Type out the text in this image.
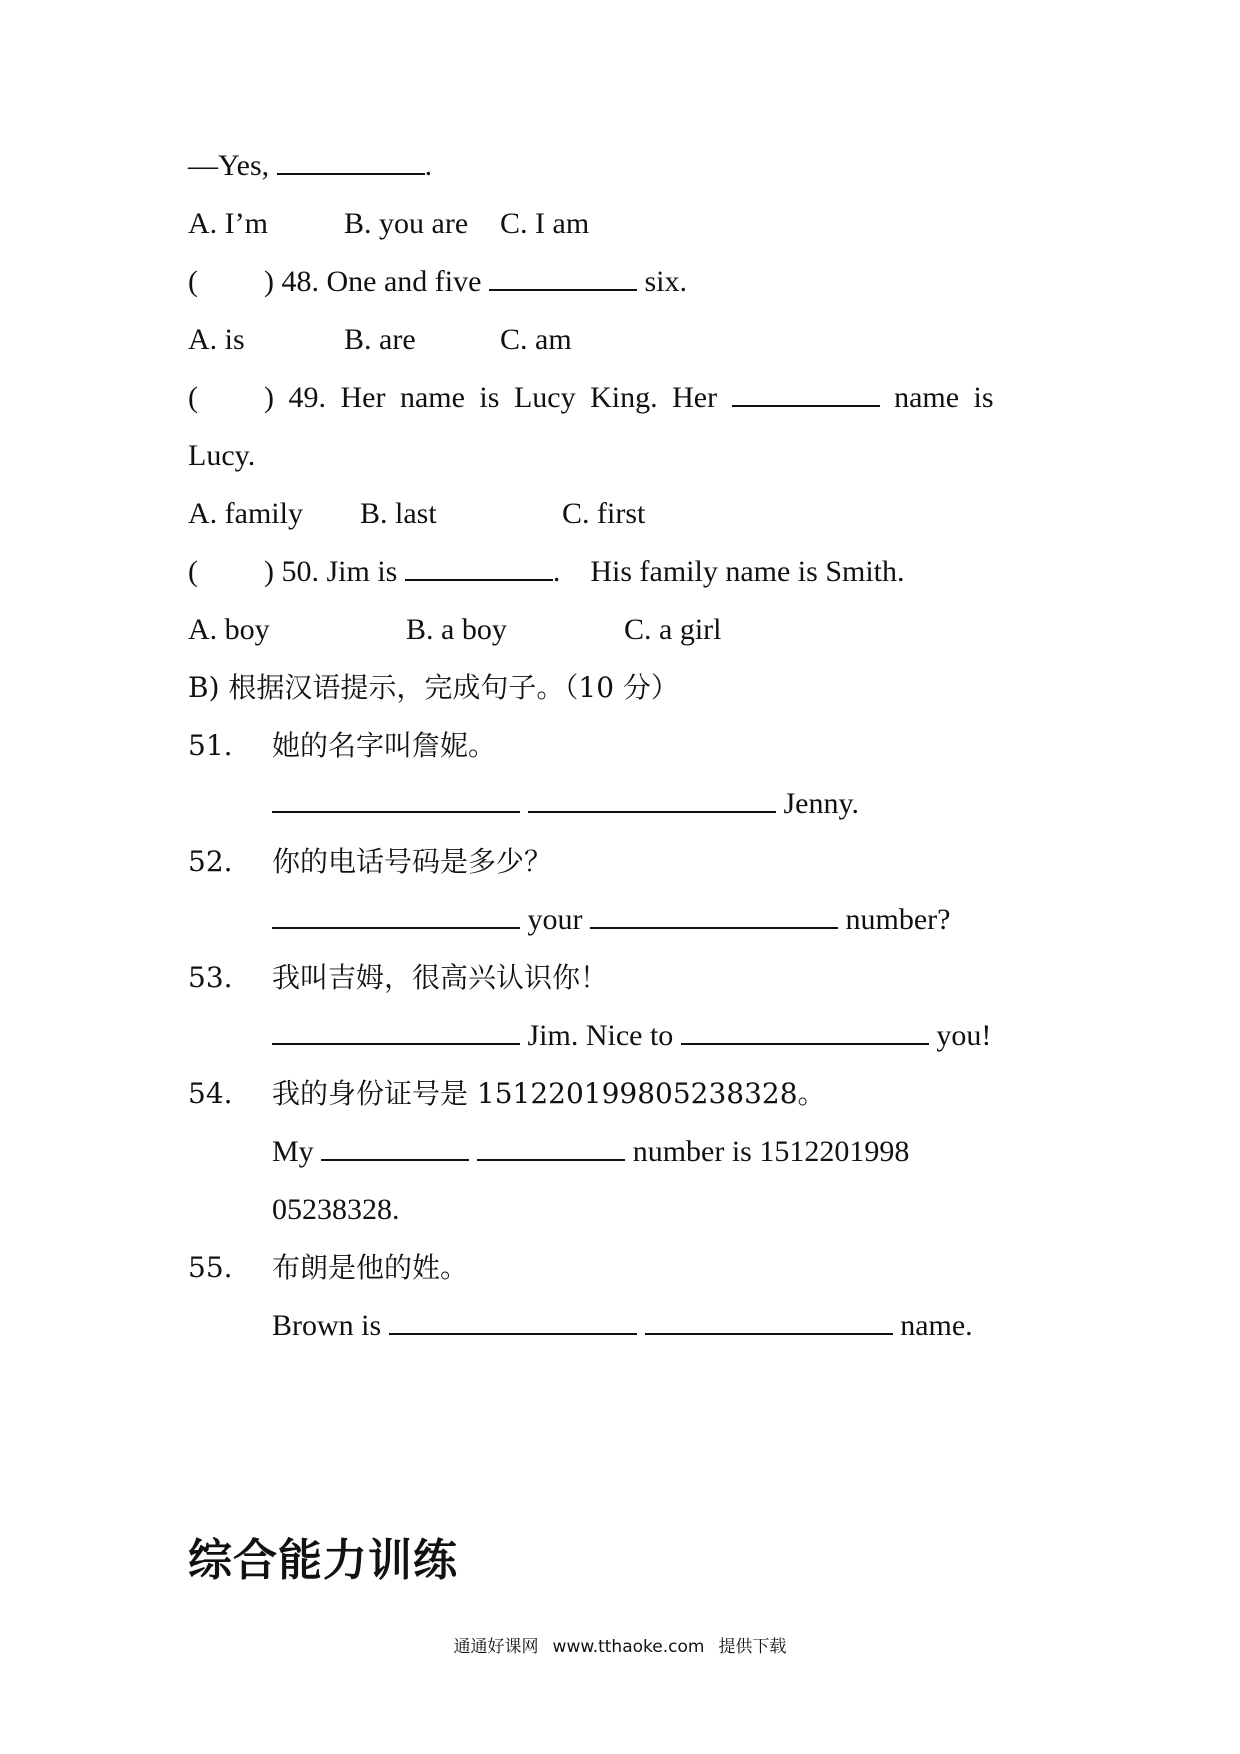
—Yes,	.
A. I’m	B. you are C. I am
( ) 48. One and five	six.
A. is	B. are	C. am
( ) 49. Her name is Lucy King. Her	name is
Lucy.
A. family B. last	C. first
( ) 50. Jim is	.    His family name is Smith.
A. boy	B. a boy	C. a girl
B) 根据汉语提示，完成句子。（10 分）
51. 她的名字叫詹妮。
Jenny.
52. 你的电话号码是多少？
your	number?
53. 我叫吉姆，很高兴认识你！
Jim. Nice to	you!
54. 我的身份证号是 151220199805238328。
My	number is 1512201998
05238328.
55. 布朗是他的姓。
Brown is	name.
综合能力训练
通通好课网 www.tthaoke.com 提供下载
